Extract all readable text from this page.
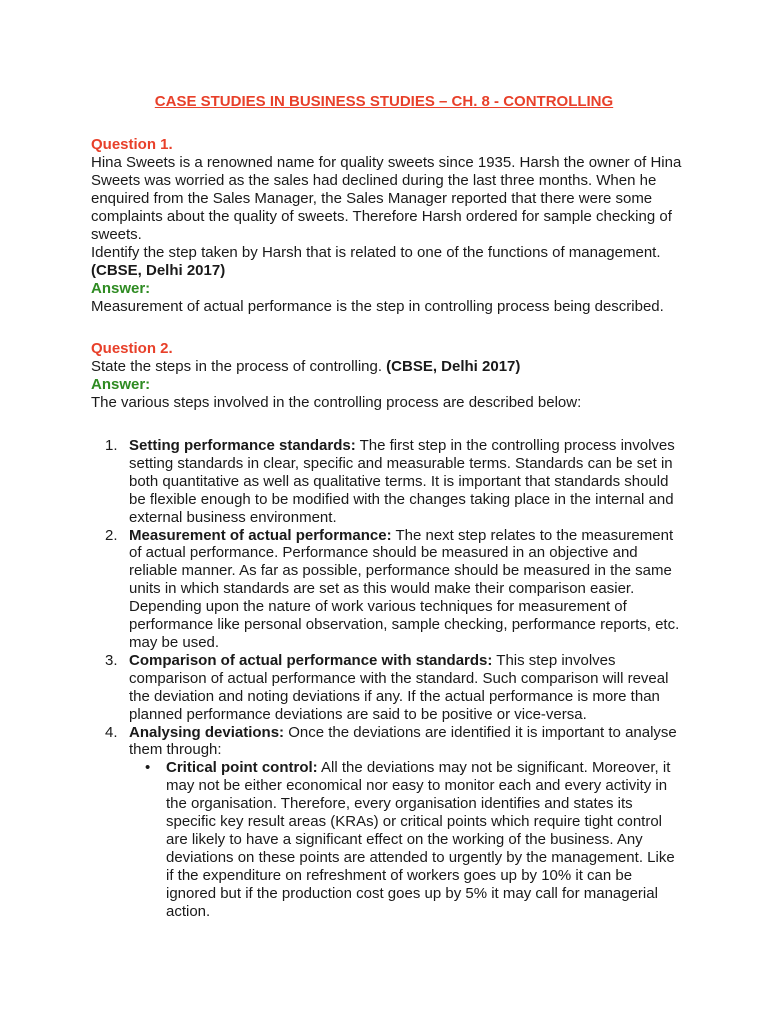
CASE STUDIES IN BUSINESS STUDIES – CH. 8 - CONTROLLING

Question 1.

Hina Sweets is a renowned name for quality sweets since 1935. Harsh the owner of Hina Sweets was worried as the sales had declined during the last three months. When he enquired from the Sales Manager, the Sales Manager reported that there were some complaints about the quality of sweets. Therefore Harsh ordered for sample checking of sweets.

Identify the step taken by Harsh that is related to one of the functions of management.

(CBSE, Delhi 2017)

Answer:

Measurement of actual performance is the step in controlling process being described.

Question 2.

State the steps in the process of controlling. (CBSE, Delhi 2017)

Answer:

The various steps involved in the controlling process are described below:

1. Setting performance standards: The first step in the controlling process involves setting standards in clear, specific and measurable terms. Standards can be set in both quantitative as well as qualitative terms. It is important that standards should be flexible enough to be modified with the changes taking place in the internal and external business environment.
2. Measurement of actual performance: The next step relates to the measurement of actual performance. Performance should be measured in an objective and reliable manner. As far as possible, performance should be measured in the same units in which standards are set as this would make their comparison easier. Depending upon the nature of work various techniques for measurement of performance like personal observation, sample checking, performance reports, etc. may be used.
3. Comparison of actual performance with standards: This step involves comparison of actual performance with the standard. Such comparison will reveal the deviation and noting deviations if any. If the actual performance is more than planned performance deviations are said to be positive or vice-versa.
4. Analysing deviations: Once the deviations are identified it is important to analyse them through:
• Critical point control: All the deviations may not be significant. Moreover, it may not be either economical nor easy to monitor each and every activity in the organisation. Therefore, every organisation identifies and states its specific key result areas (KRAs) or critical points which require tight control are likely to have a significant effect on the working of the business. Any deviations on these points are attended to urgently by the management. Like if the expenditure on refreshment of workers goes up by 10% it can be ignored but if the production cost goes up by 5% it may call for managerial action.
